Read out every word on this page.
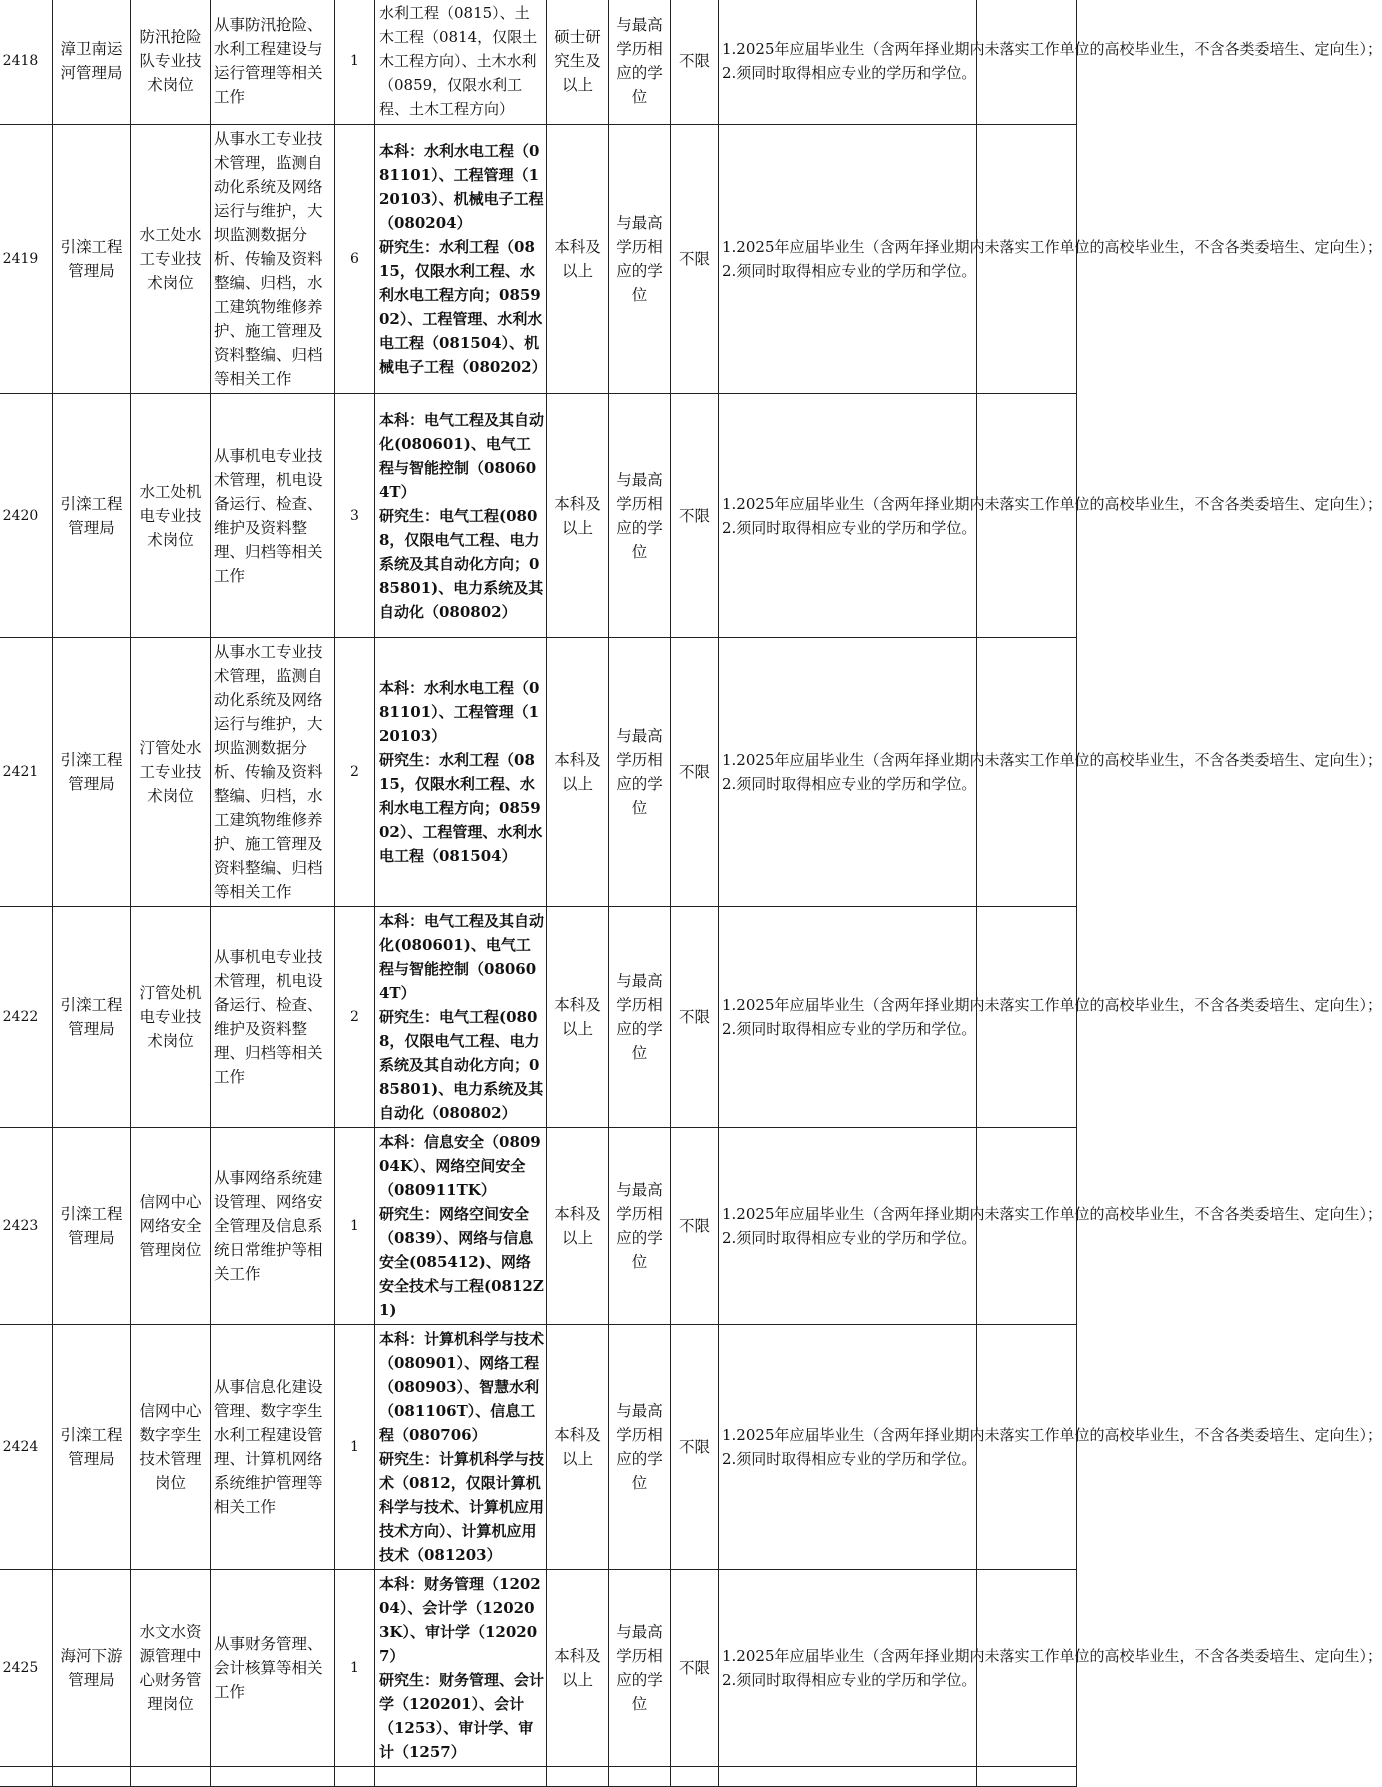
2418	漳卫南运河管理局	防汛抢险队专业技术岗位	从事防汛抢险、水利工程建设与运行管理等相关工作	1	水利工程（0815）、土木工程（0814，仅限土木工程方向）、土木水利（0859，仅限水利工程、土木工程方向）	硕士研究生及以上	与最高学历相应的学位	不限	1.2025年应届毕业生（含两年择业期内未落实工作单位的高校毕业生，不含各类委培生、定向生）；
2.须同时取得相应专业的学历和学位。	

2419	引滦工程管理局	水工处水工专业技术岗位	从事水工专业技术管理，监测自动化系统及网络运行与维护，大坝监测数据分析、传输及资料整编、归档，水工建筑物维修养护、施工管理及资料整编、归档等相关工作	6	本科：水利水电工程（081101）、工程管理（120103）、机械电子工程（080204）
研究生：水利工程（0815，仅限水利工程、水利水电工程方向；085902）、工程管理、水利水电工程（081504）、机械电子工程（080202）	本科及以上	与最高学历相应的学位	不限	1.2025年应届毕业生（含两年择业期内未落实工作单位的高校毕业生，不含各类委培生、定向生）；
2.须同时取得相应专业的学历和学位。	

2420	引滦工程管理局	水工处机电专业技术岗位	从事机电专业技术管理，机电设备运行、检查、维护及资料整理、归档等相关工作	3	本科：电气工程及其自动化(080601)、电气工程与智能控制（080604T）
研究生：电气工程(0808，仅限电气工程、电力系统及其自动化方向；085801)、电力系统及其自动化（080802）	本科及以上	与最高学历相应的学位	不限	1.2025年应届毕业生（含两年择业期内未落实工作单位的高校毕业生，不含各类委培生、定向生）；
2.须同时取得相应专业的学历和学位。	

2421	引滦工程管理局	汀管处水工专业技术岗位	从事水工专业技术管理，监测自动化系统及网络运行与维护，大坝监测数据分析、传输及资料整编、归档，水工建筑物维修养护、施工管理及资料整编、归档等相关工作	2	本科：水利水电工程（081101）、工程管理（120103）
研究生：水利工程（0815，仅限水利工程、水利水电工程方向；085902）、工程管理、水利水电工程（081504）	本科及以上	与最高学历相应的学位	不限	1.2025年应届毕业生（含两年择业期内未落实工作单位的高校毕业生，不含各类委培生、定向生）；
2.须同时取得相应专业的学历和学位。	

2422	引滦工程管理局	汀管处机电专业技术岗位	从事机电专业技术管理，机电设备运行、检查、维护及资料整理、归档等相关工作	2	本科：电气工程及其自动化(080601)、电气工程与智能控制（080604T）
研究生：电气工程(0808，仅限电气工程、电力系统及其自动化方向；085801)、电力系统及其自动化（080802）	本科及以上	与最高学历相应的学位	不限	1.2025年应届毕业生（含两年择业期内未落实工作单位的高校毕业生，不含各类委培生、定向生）；
2.须同时取得相应专业的学历和学位。	

2423	引滦工程管理局	信网中心网络安全管理岗位	从事网络系统建设管理、网络安全管理及信息系统日常维护等相关工作	1	本科：信息安全（080904K）、网络空间安全（080911TK）
研究生：网络空间安全（0839）、网络与信息安全(085412)、网络安全技术与工程(0812Z1)	本科及以上	与最高学历相应的学位	不限	1.2025年应届毕业生（含两年择业期内未落实工作单位的高校毕业生，不含各类委培生、定向生）；
2.须同时取得相应专业的学历和学位。	

2424	引滦工程管理局	信网中心数字孪生技术管理岗位	从事信息化建设管理、数字孪生水利工程建设管理、计算机网络系统维护管理等相关工作	1	本科：计算机科学与技术（080901）、网络工程（080903）、智慧水利（081106T）、信息工程（080706）
研究生：计算机科学与技术（0812，仅限计算机科学与技术、计算机应用技术方向）、计算机应用技术（081203）	本科及以上	与最高学历相应的学位	不限	1.2025年应届毕业生（含两年择业期内未落实工作单位的高校毕业生，不含各类委培生、定向生）；
2.须同时取得相应专业的学历和学位。	

2425	海河下游管理局	水文水资源管理中心财务管理岗位	从事财务管理、会计核算等相关工作	1	本科：财务管理（120204）、会计学（120203K）、审计学（120207）
研究生：财务管理、会计学（120201）、会计（1253）、审计学、审计（1257）	本科及以上	与最高学历相应的学位	不限	1.2025年应届毕业生（含两年择业期内未落实工作单位的高校毕业生，不含各类委培生、定向生）；
2.须同时取得相应专业的学历和学位。	
